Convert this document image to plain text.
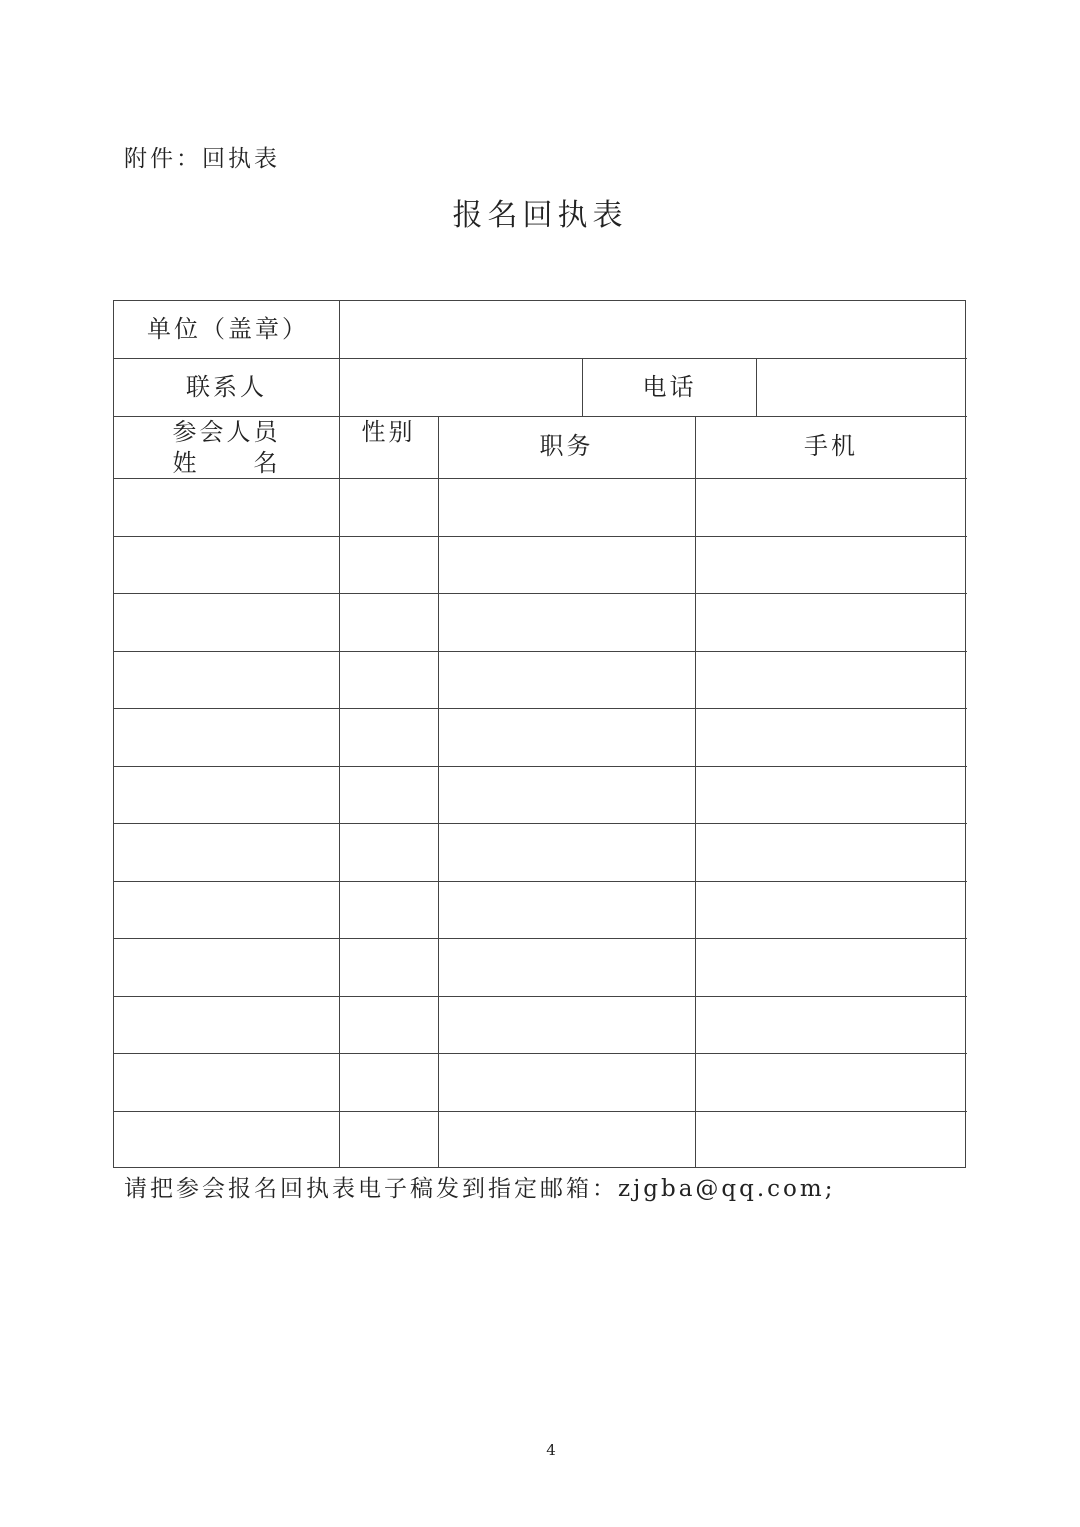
附件：回执表
报名回执表
单位（盖章）
联系人	电话
参会人员
姓　　名
性别	职务	手机
请把参会报名回执表电子稿发到指定邮箱：zjgba@qq.com;
4
